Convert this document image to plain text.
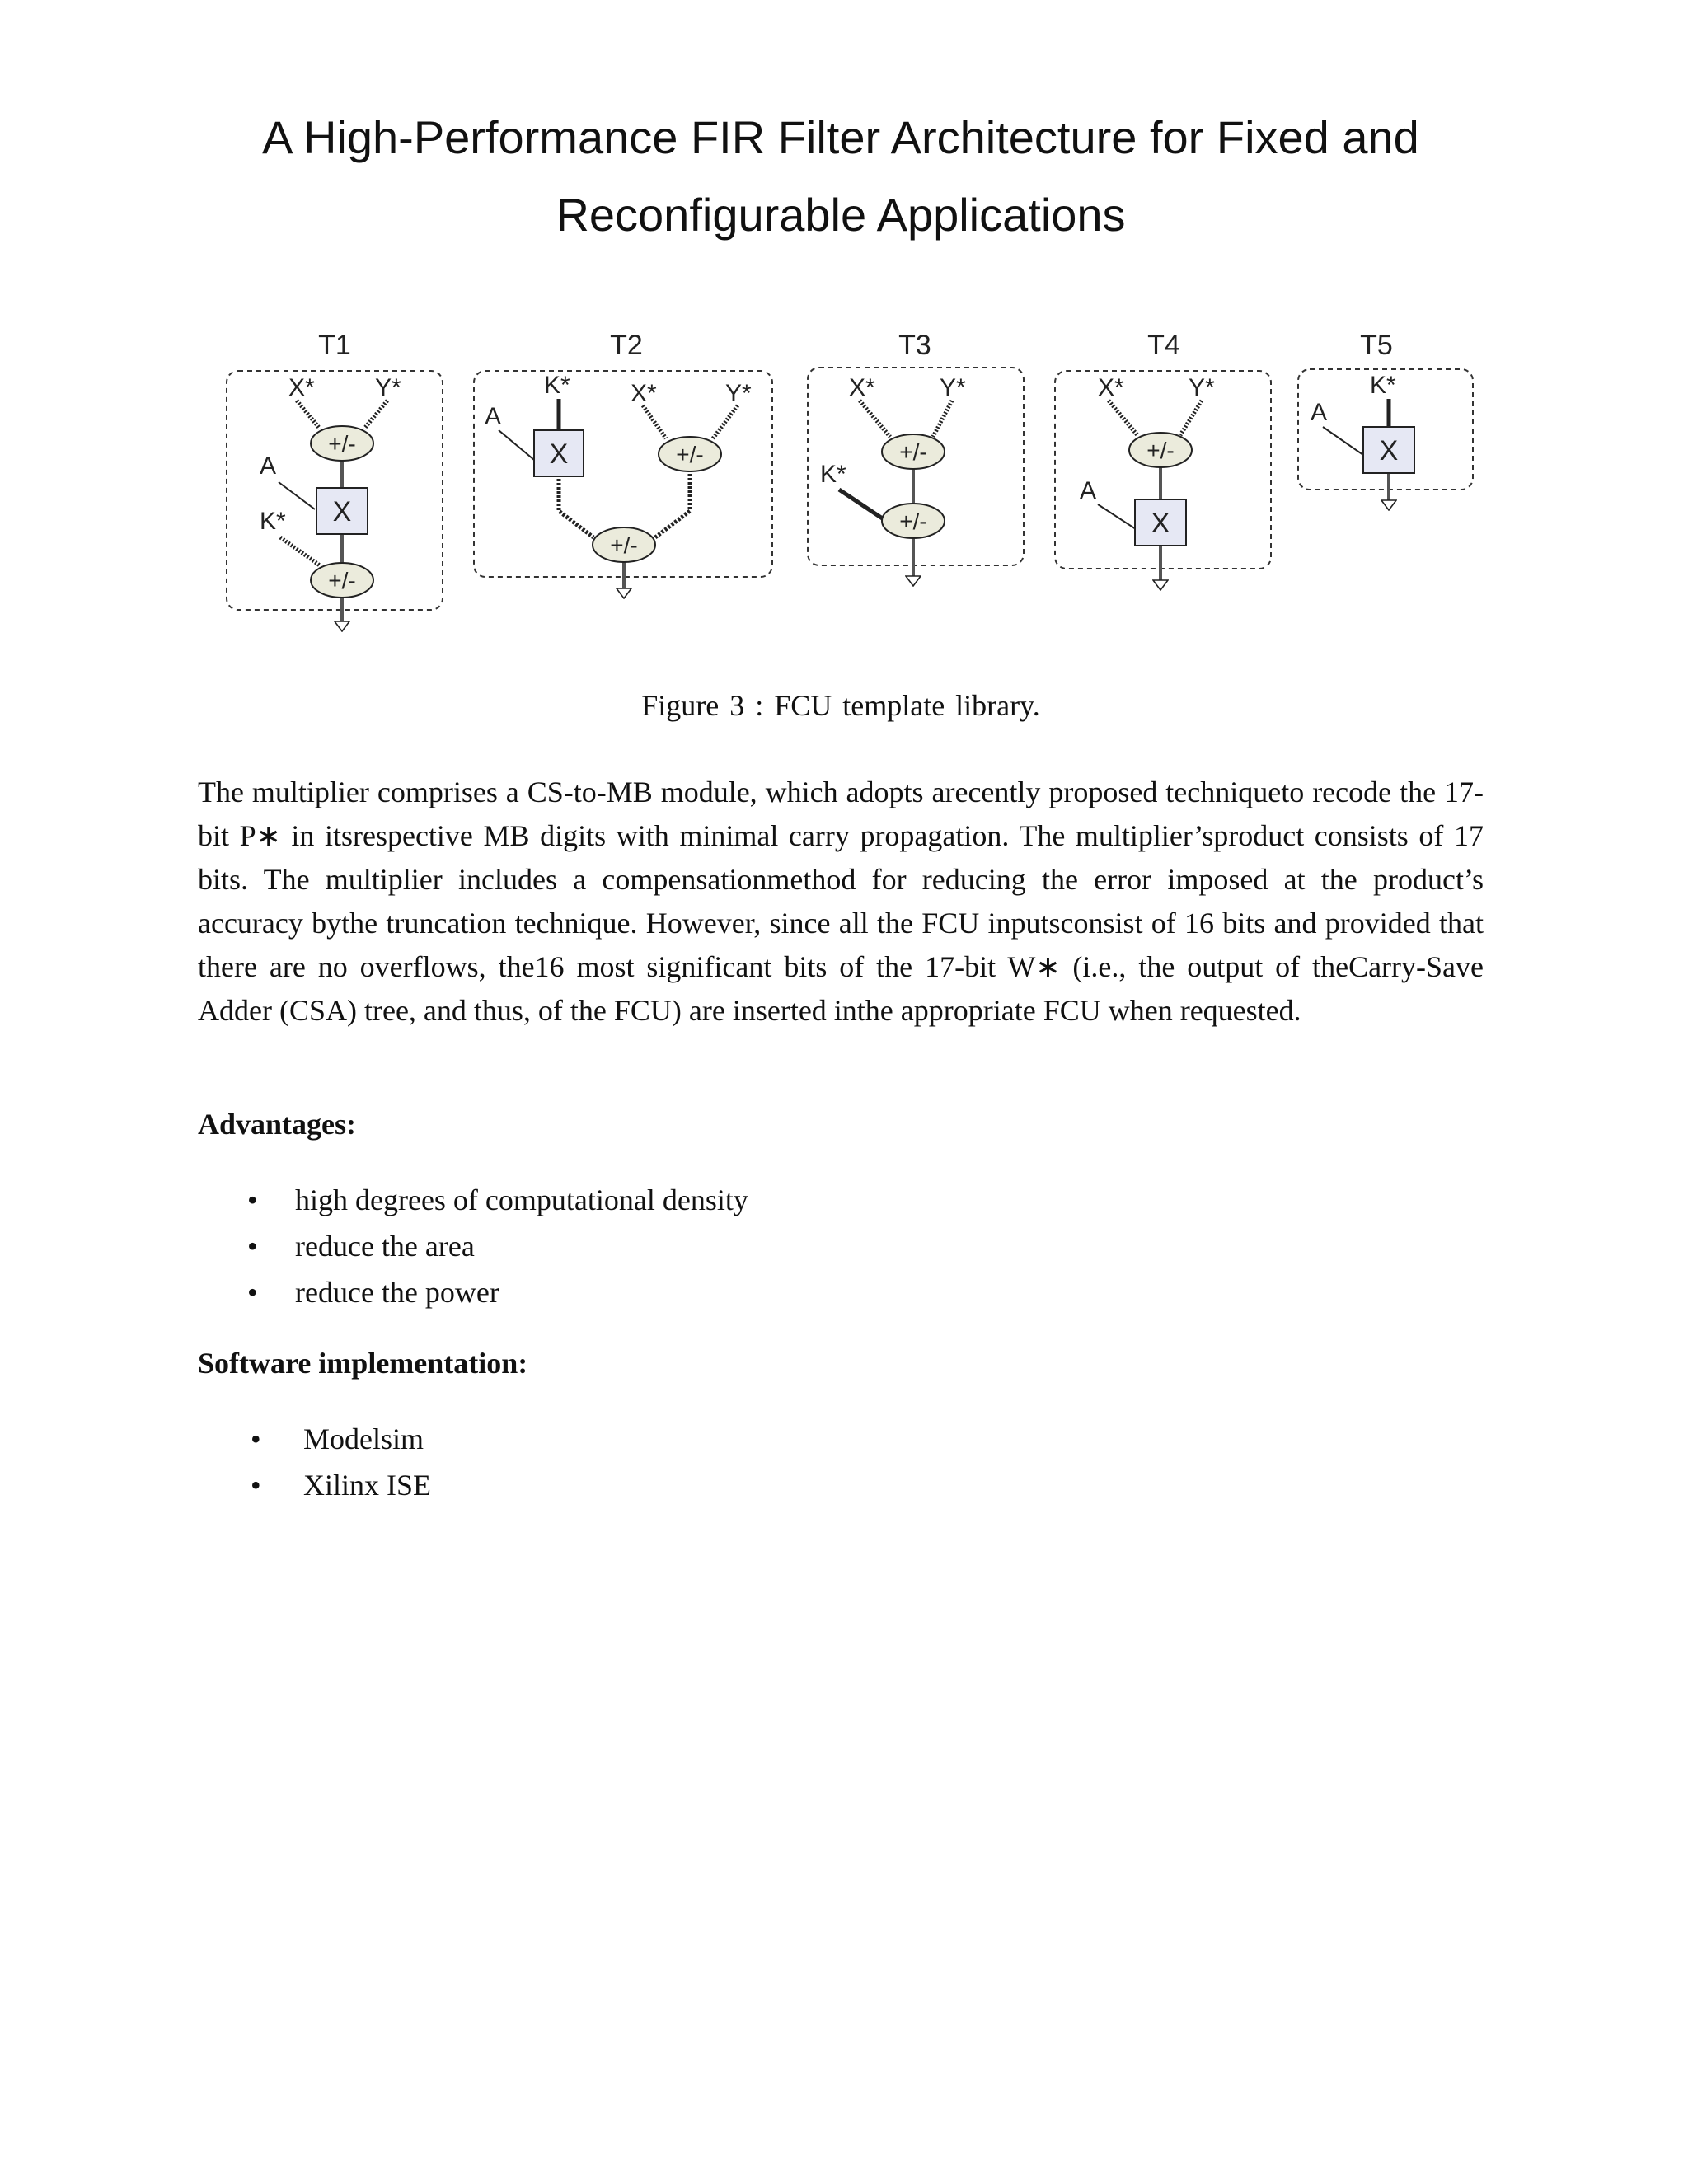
A High-Performance FIR Filter Architecture for Fixed and Reconfigurable Applications
T1
X* Y*
A
K*
+/-
X
+/-
T2
A
K* X*	Y*
X	+/-
+/-
T3
X*	Y*
K*
+/-
+/-
T4
X*	Y*
A
+/-
X
T5
A
K*
X
Figure 3 : FCU template library.
The multiplier comprises a CS-to-MB module, which adopts arecently proposed techniqueto recode the 17-bit P∗ in itsrespective MB digits with minimal carry propagation. The multiplier’sproduct consists of 17 bits. The multiplier includes a compensationmethod for reducing the error imposed at the product’s accuracy bythe truncation technique. However, since all the FCU inputsconsist of 16 bits and provided that there are no overflows, the16 most significant bits of the 17-bit W∗ (i.e., the output of theCarry-Save Adder (CSA) tree, and thus, of the FCU) are inserted inthe appropriate FCU when requested.
Advantages:
• high degrees of computational density
• reduce the area
• reduce the power
Software implementation:
• Modelsim
• Xilinx ISE
